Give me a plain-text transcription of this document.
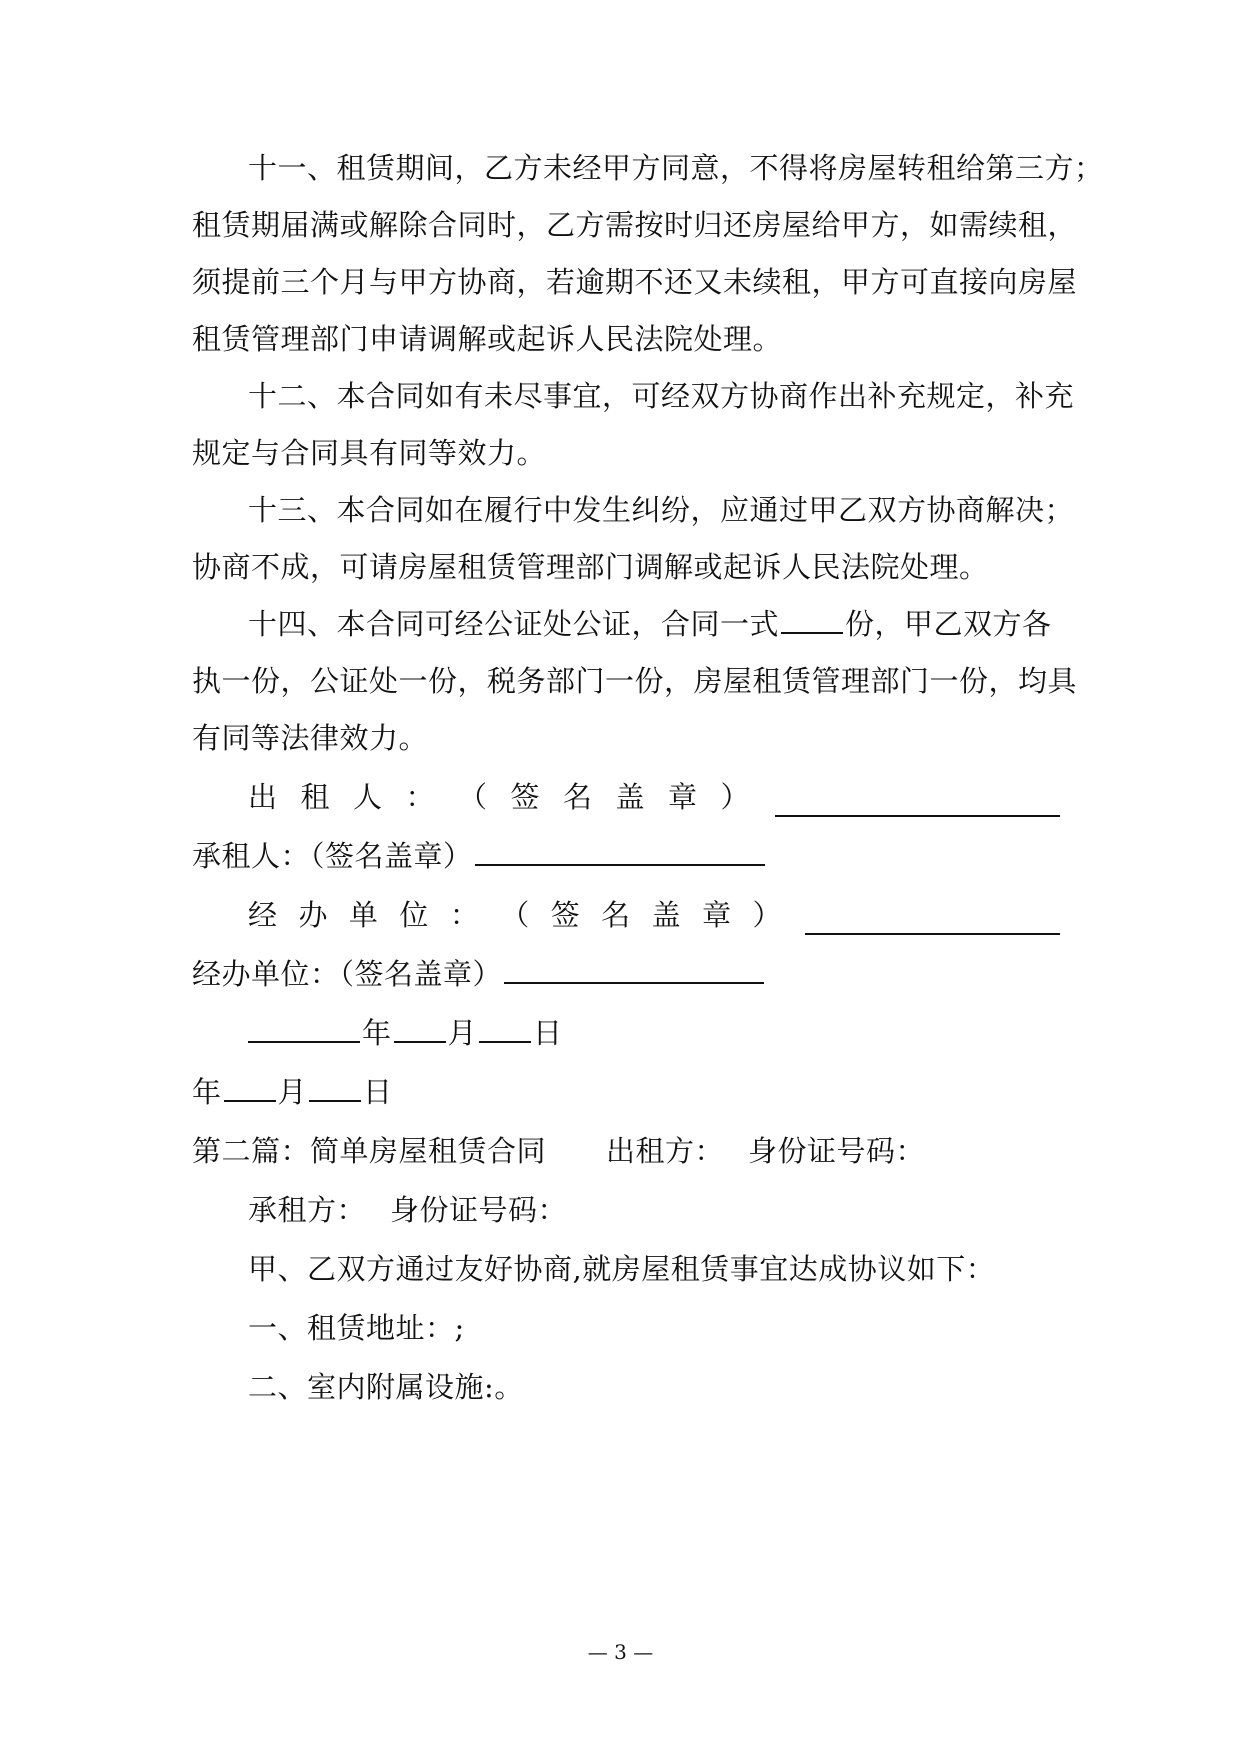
十一、租赁期间，乙方未经甲方同意，不得将房屋转租给第三方；
租赁期届满或解除合同时，乙方需按时归还房屋给甲方，如需续租，
须提前三个月与甲方协商，若逾期不还又未续租，甲方可直接向房屋
租赁管理部门申请调解或起诉人民法院处理。
十二、本合同如有未尽事宜，可经双方协商作出补充规定，补充
规定与合同具有同等效力。
十三、本合同如在履行中发生纠纷，应通过甲乙双方协商解决；
协商不成，可请房屋租赁管理部门调解或起诉人民法院处理。
十四、本合同可经公证处公证，合同一式 份，甲乙双方各
执一份，公证处一份，税务部门一份，房屋租赁管理部门一份，均具
有同等法律效力。
出 租 人 ： （ 签 名 盖 章 ）
承租人：（签名盖章）
经 办 单 位 ： （ 签 名 盖 章 ）
经办单位：（签名盖章）
年 月 日
年 月 日
第二篇：简单房屋租赁合同 出租方： 身份证号码：
承租方： 身份证号码：
甲、乙双方通过友好协商,就房屋租赁事宜达成协议如下：
一、租赁地址：;
二、室内附属设施:。
— 3 —
